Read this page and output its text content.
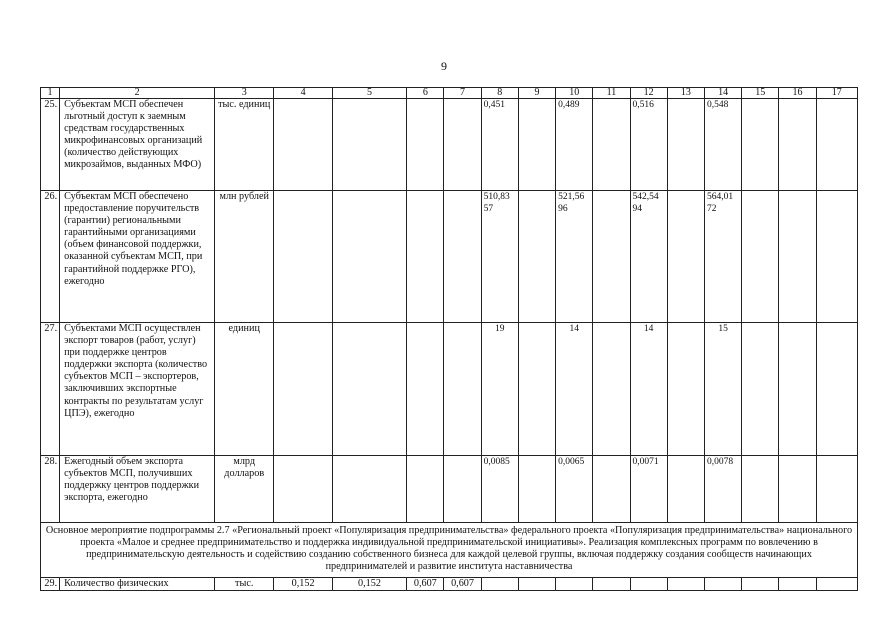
9
1	2	3	4	5	6	7	8	9	10	11	12	13	14	15	16	17
25.	Субъектам МСП обеспечен льготный доступ к заемным средствам государственных микрофинансовых организаций (количество действующих микрозаймов, выданных МФО)	тыс. единиц					0,451		0,489		0,516		0,548			
26.	Субъектам МСП обеспечено предоставление поручительств (гарантии) региональными гарантийными организациями (объем финансовой поддержки, оказанной субъектам МСП, при гарантийной поддержке РГО), ежегодно	млн рублей					510,83 57		521,56 96		542,54 94		564,01 72			
27.	Субъектами МСП осуществлен экспорт товаров (работ, услуг) при поддержке центров поддержки экспорта (количество субъектов МСП – экспортеров, заключивших экспортные контракты по результатам услуг ЦПЭ), ежегодно	единиц					19		14		14		15			
28.	Ежегодный объем экспорта субъектов МСП, получивших поддержку центров поддержки экспорта, ежегодно	млрд долларов					0,0085		0,0065		0,0071		0,0078			
Основное мероприятие подпрограммы 2.7 «Региональный проект «Популяризация предпринимательства» федерального проекта «Популяризация предпринимательства» национального проекта «Малое и среднее предпринимательство и поддержка индивидуальной предпринимательской инициативы». Реализация комплексных программ по вовлечению в предпринимательскую деятельность и содействию созданию собственного бизнеса для каждой целевой группы, включая поддержку создания сообществ начинающих предпринимателей и развитие института наставничества																
29.	Количество физических	тыс.	0,152	0,152	0,607	0,607										
